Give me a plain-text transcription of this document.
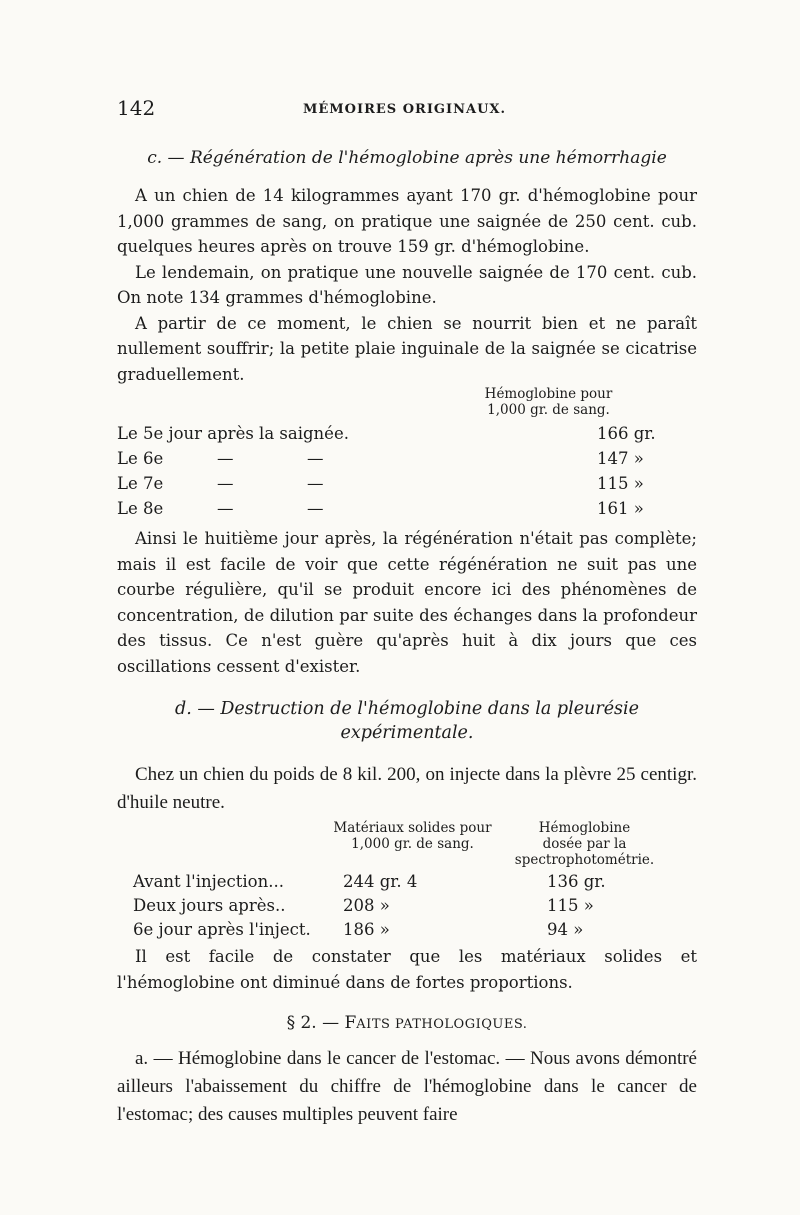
142	MÉMOIRES ORIGINAUX.
c. — Régénération de l'hémoglobine après une hémorrhagie

A un chien de 14 kilogrammes ayant 170 gr. d'hémoglobine pour 1,000 grammes de sang, on pratique une saignée de 250 cent. cub. quelques heures après on trouve 159 gr. d'hémoglobine.

Le lendemain, on pratique une nouvelle saignée de 170 cent. cub. On note 134 grammes d'hémoglobine.

A partir de ce moment, le chien se nourrit bien et ne paraît nullement souffrir; la petite plaie inguinale de la saignée se cicatrise graduellement.

Hémoglobine pour
1,000 gr. de sang.
Le 5e jour après la saignée.	166 gr.
Le 6e	—	—	147 »
Le 7e	—	—	115 »
Le 8e	—	—	161 »

Ainsi le huitième jour après, la régénération n'était pas complète; mais il est facile de voir que cette régénération ne suit pas une courbe régulière, qu'il se produit encore ici des phénomènes de concentration, de dilution par suite des échanges dans la profondeur des tissus. Ce n'est guère qu'après huit à dix jours que ces oscillations cessent d'exister.

d. — Destruction de l'hémoglobine dans la pleurésie expérimentale.

Chez un chien du poids de 8 kil. 200, on injecte dans la plèvre 25 centigr. d'huile neutre.

Matériaux solides pour
1,000 gr. de sang.
Hémoglobine
dosée par la
spectrophotométrie.
Avant l'injection...	244 gr. 4	136 gr.
Deux jours après..	208 »	115 »
6e jour après l'inject. 186 »	94 »

Il est facile de constater que les matériaux solides et l'hémoglobine ont diminué dans de fortes proportions.

§ 2. — FAITS PATHOLOGIQUES.

a. — Hémoglobine dans le cancer de l'estomac. — Nous avons démontré ailleurs l'abaissement du chiffre de l'hémoglobine dans le cancer de l'estomac; des causes multiples peuvent faire
